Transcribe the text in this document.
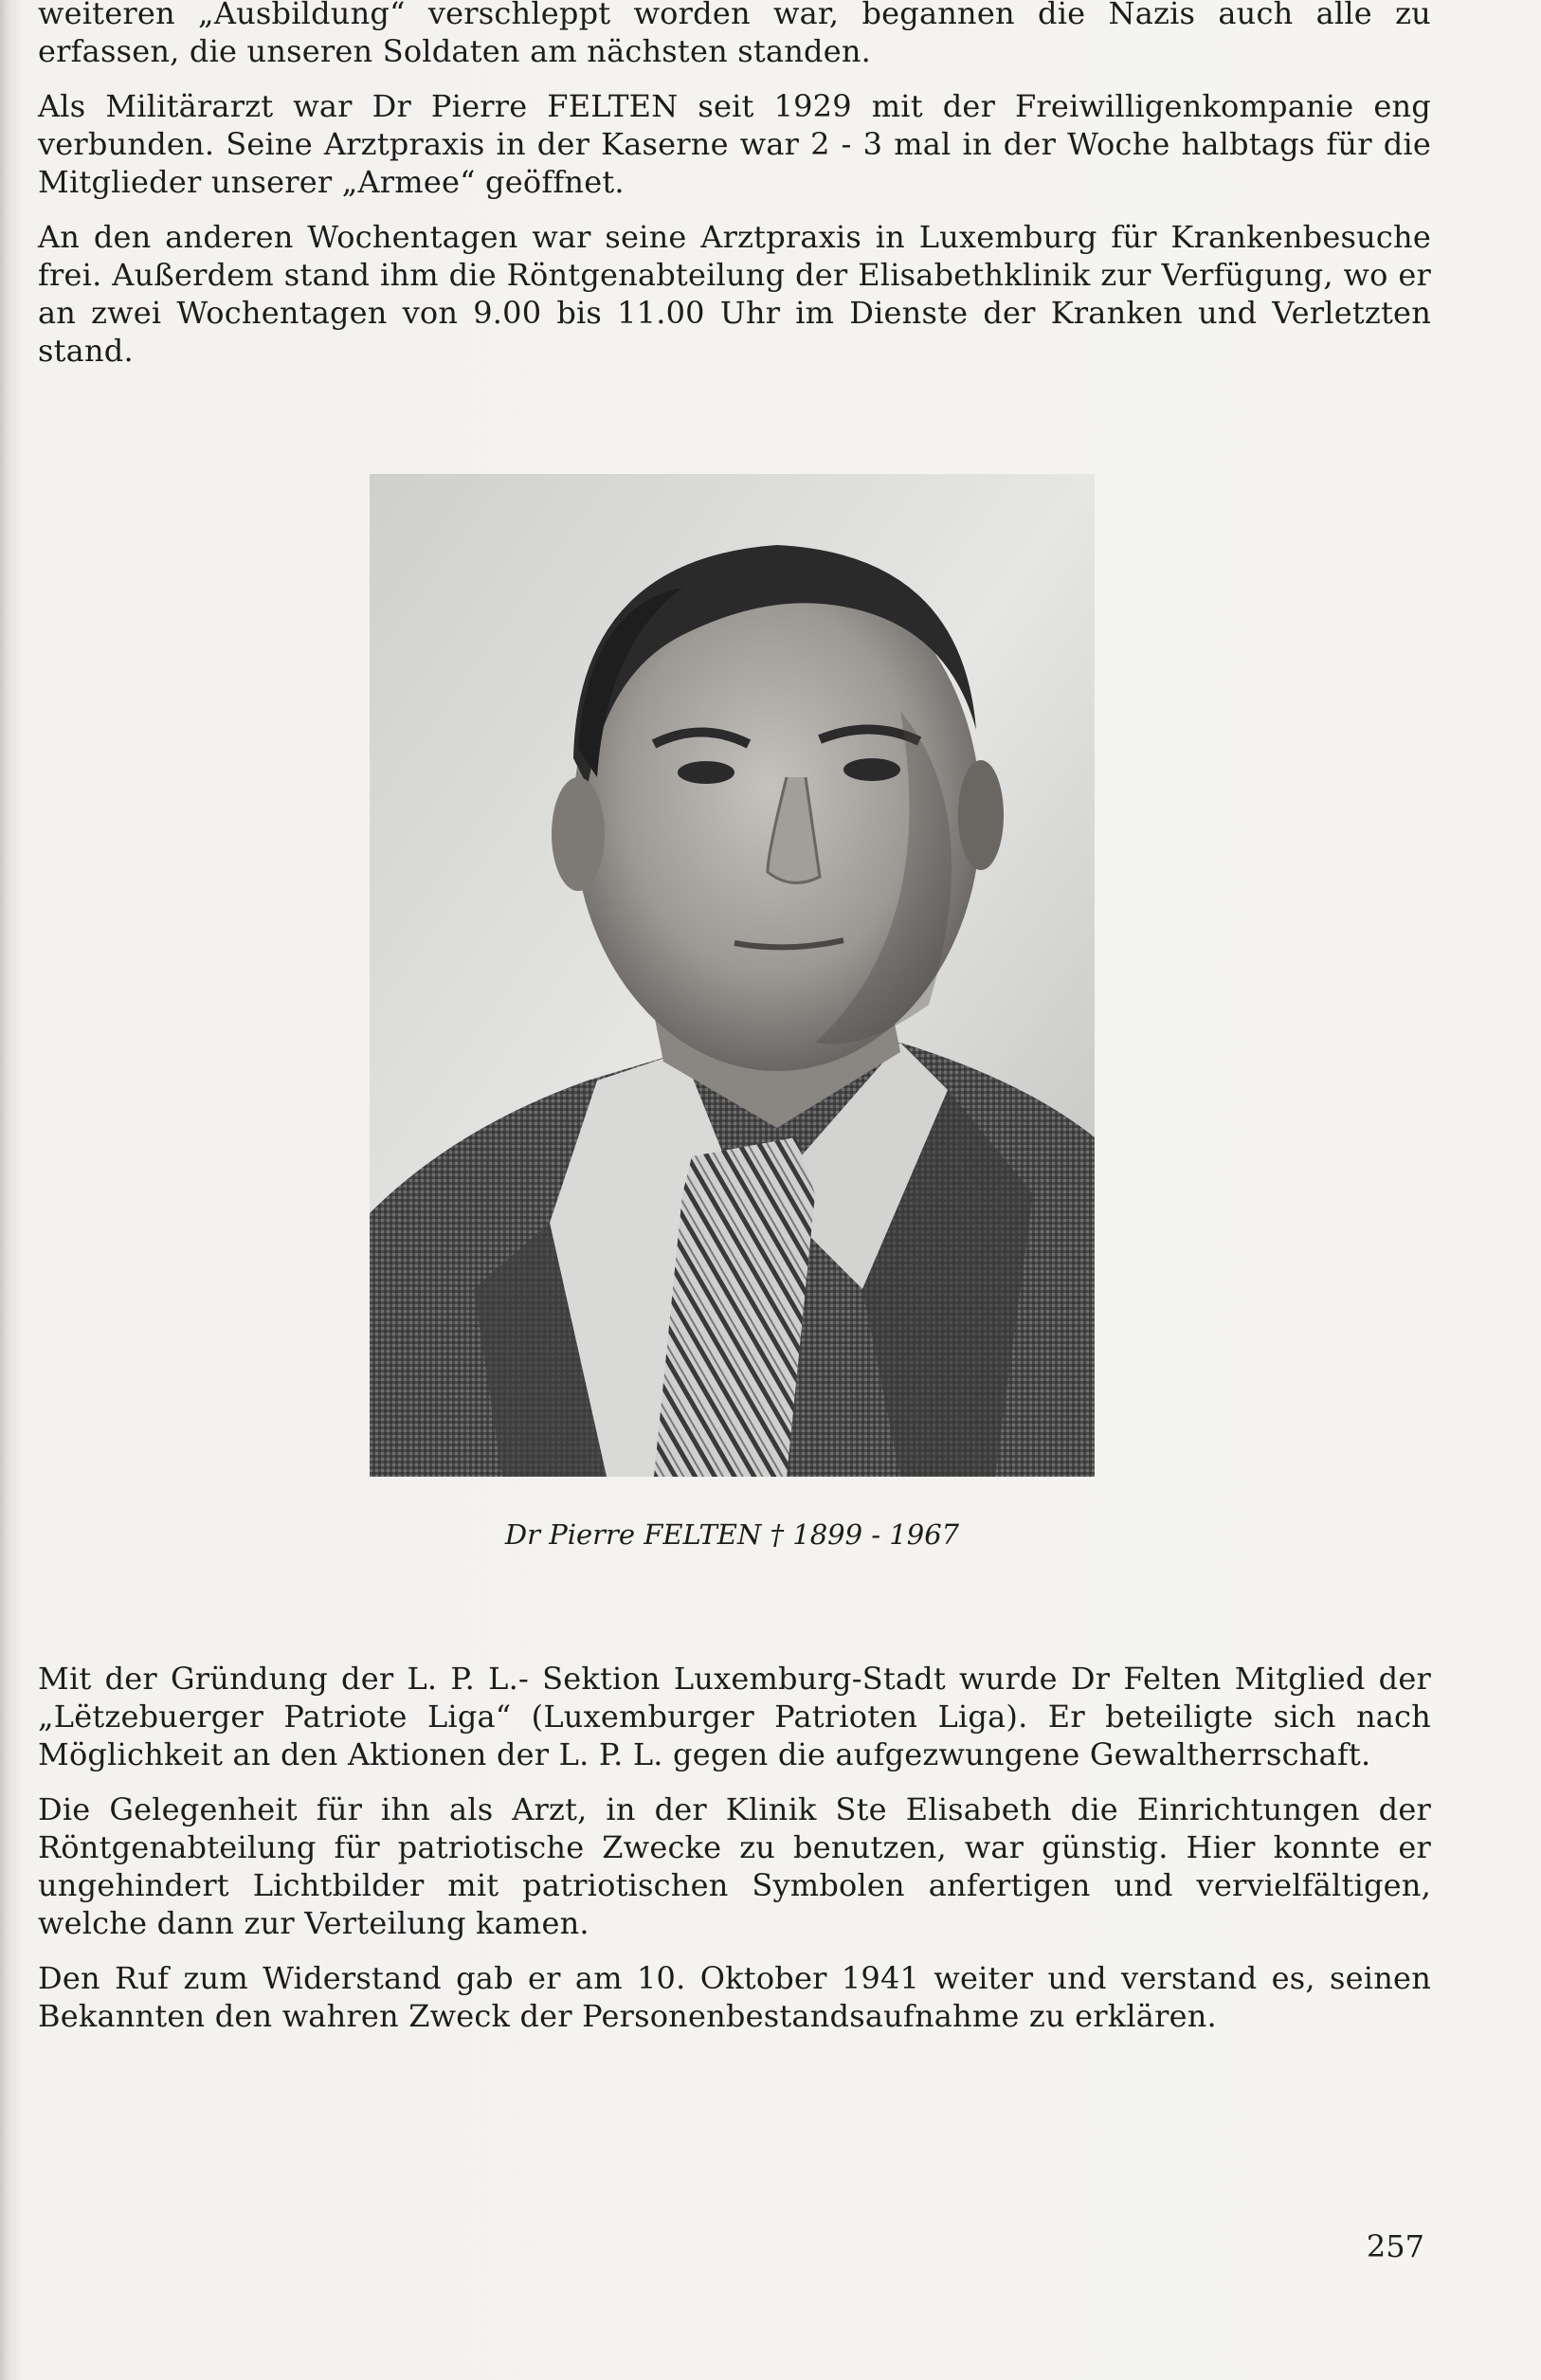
weiteren „Ausbildung“ verschleppt worden war, begannen die Nazis auch alle zu erfassen, die unseren Soldaten am nächsten standen.

Als Militärarzt war Dr Pierre FELTEN seit 1929 mit der Freiwilligenkompanie eng verbunden. Seine Arztpraxis in der Kaserne war 2 - 3 mal in der Woche halbtags für die Mitglieder unserer „Armee“ geöffnet.

An den anderen Wochentagen war seine Arztpraxis in Luxemburg für Krankenbesuche frei. Außerdem stand ihm die Röntgenabteilung der Elisabethklinik zur Verfügung, wo er an zwei Wochentagen von 9.00 bis 11.00 Uhr im Dienste der Kranken und Verletzten stand.

Dr Pierre FELTEN † 1899 - 1967

Mit der Gründung der L. P. L.- Sektion Luxemburg-Stadt wurde Dr Felten Mitglied der „Lëtzebuerger Patriote Liga“ (Luxemburger Patrioten Liga). Er beteiligte sich nach Möglichkeit an den Aktionen der L. P. L. gegen die aufgezwungene Gewaltherrschaft.

Die Gelegenheit für ihn als Arzt, in der Klinik Ste Elisabeth die Einrichtungen der Röntgenabteilung für patriotische Zwecke zu benutzen, war günstig. Hier konnte er ungehindert Lichtbilder mit patriotischen Symbolen anfertigen und vervielfältigen, welche dann zur Verteilung kamen.

Den Ruf zum Widerstand gab er am 10. Oktober 1941 weiter und verstand es, seinen Bekannten den wahren Zweck der Personenbestandsaufnahme zu erklären.

257
